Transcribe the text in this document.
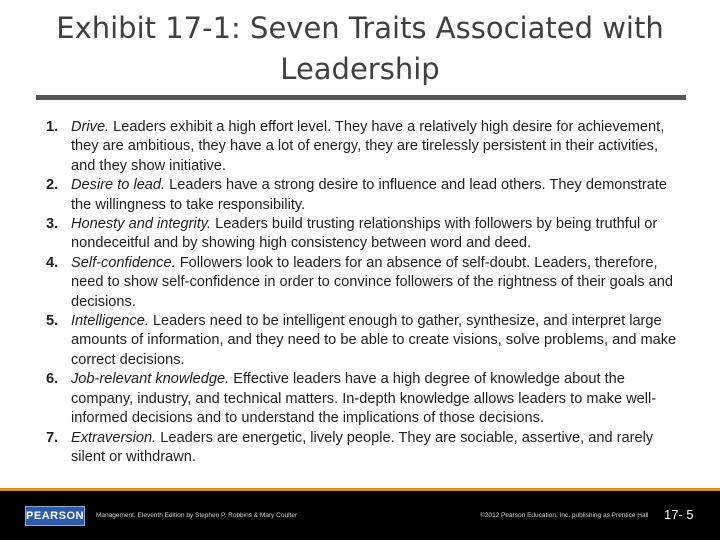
Exhibit 17-1: Seven Traits Associated with
Leadership
1. Drive. Leaders exhibit a high effort level. They have a relatively high desire for achievement, they are ambitious, they have a lot of energy, they are tirelessly persistent in their activities, and they show initiative.
2. Desire to lead. Leaders have a strong desire to influence and lead others. They demonstrate the willingness to take responsibility.
3. Honesty and integrity. Leaders build trusting relationships with followers by being truthful or nondeceitful and by showing high consistency between word and deed.
4. Self-confidence. Followers look to leaders for an absence of self-doubt. Leaders, therefore, need to show self-confidence in order to convince followers of the rightness of their goals and decisions.
5. Intelligence. Leaders need to be intelligent enough to gather, synthesize, and interpret large amounts of information, and they need to be able to create visions, solve problems, and make correct decisions.
6. Job-relevant knowledge. Effective leaders have a high degree of knowledge about the company, industry, and technical matters. In-depth knowledge allows leaders to make well-informed decisions and to understand the implications of those decisions.
7. Extraversion. Leaders are energetic, lively people. They are sociable, assertive, and rarely silent or withdrawn.
PEARSON Management, Eleventh Edition by Stephen P. Robbins & Mary Coulter	©2012 Pearson Education, Inc. publishing as Prentice Hall 17- 5
